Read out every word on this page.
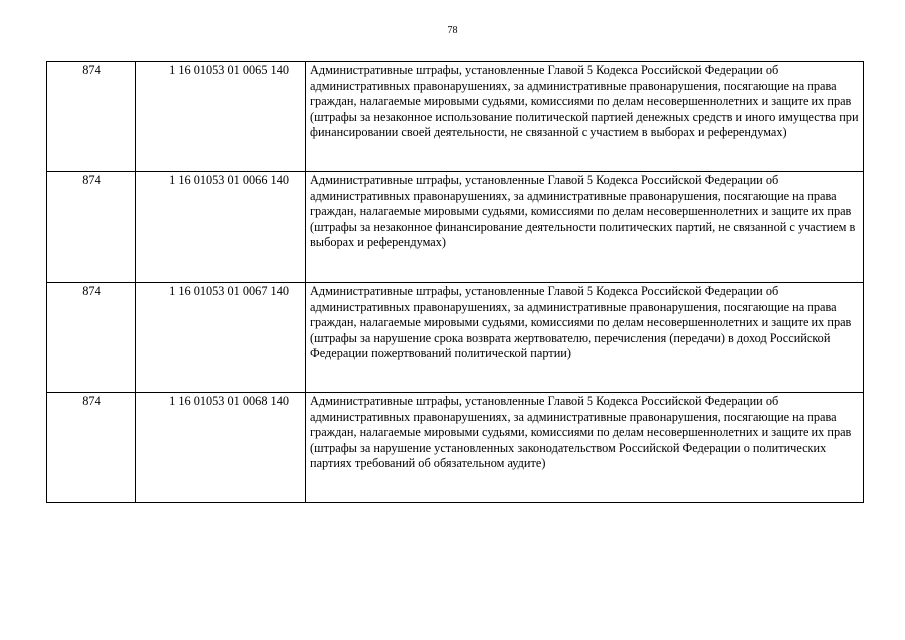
78
874	1 16 01053 01 0065 140	Административные штрафы, установленные Главой 5 Кодекса Российской Федерации об административных правонарушениях, за административные правонарушения, посягающие на права граждан, налагаемые мировыми судьями, комиссиями по делам несовершеннолетних и защите их прав (штрафы за незаконное использование политической партией денежных средств и иного имущества при финансировании своей деятельности, не связанной с участием в выборах и референдумах)
874	1 16 01053 01 0066 140	Административные штрафы, установленные Главой 5 Кодекса Российской Федерации об административных правонарушениях, за административные правонарушения, посягающие на права граждан, налагаемые мировыми судьями, комиссиями по делам несовершеннолетних и защите их прав (штрафы за незаконное финансирование деятельности политических партий, не связанной с участием в выборах и референдумах)
874	1 16 01053 01 0067 140	Административные штрафы, установленные Главой 5 Кодекса Российской Федерации об административных правонарушениях, за административные правонарушения, посягающие на права граждан, налагаемые мировыми судьями, комиссиями по делам несовершеннолетних и защите их прав (штрафы за нарушение срока возврата жертвователю, перечисления (передачи) в доход Российской Федерации пожертвований политической партии)
874	1 16 01053 01 0068 140	Административные штрафы, установленные Главой 5 Кодекса Российской Федерации об административных правонарушениях, за административные правонарушения, посягающие на права граждан, налагаемые мировыми судьями, комиссиями по делам несовершеннолетних и защите их прав (штрафы за нарушение установленных законодательством Российской Федерации о политических партиях требований об обязательном аудите)
